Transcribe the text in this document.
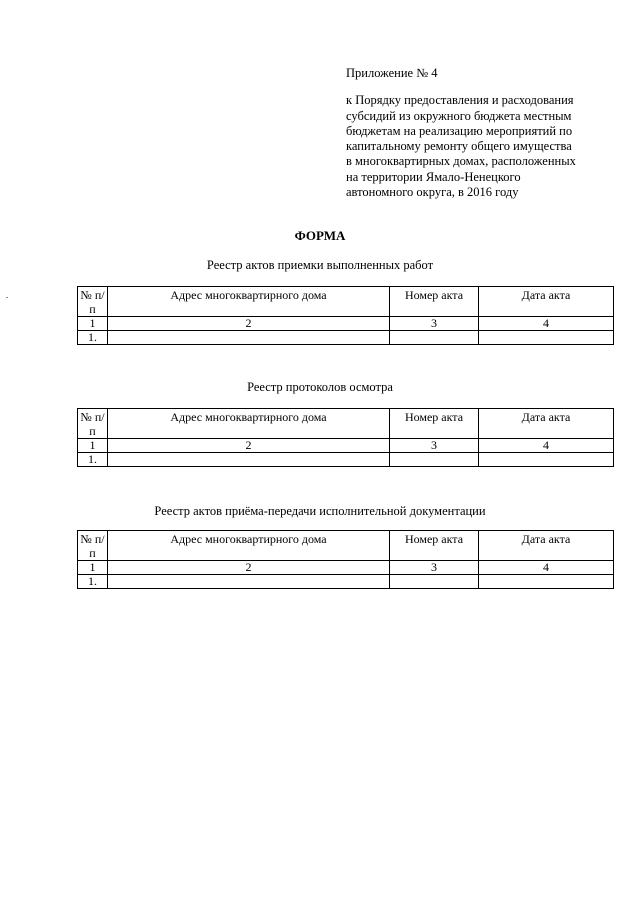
Приложение № 4
к Порядку предоставления и расходования
субсидий из окружного бюджета местным
бюджетам на реализацию мероприятий по
капитальному ремонту общего имущества
в многоквартирных домах, расположенных
на территории Ямало-Ненецкого
автономного округа, в 2016 году
ФОРМА
Реестр актов приемки выполненных работ
№ п/п	Адрес многоквартирного дома	Номер акта	Дата акта
1	2	3	4
1.			
Реестр протоколов осмотра
№ п/п	Адрес многоквартирного дома	Номер акта	Дата акта
1	2	3	4
1.			
Реестр актов приёма-передачи исполнительной документации
№ п/п	Адрес многоквартирного дома	Номер акта	Дата акта
1	2	3	4
1.			
